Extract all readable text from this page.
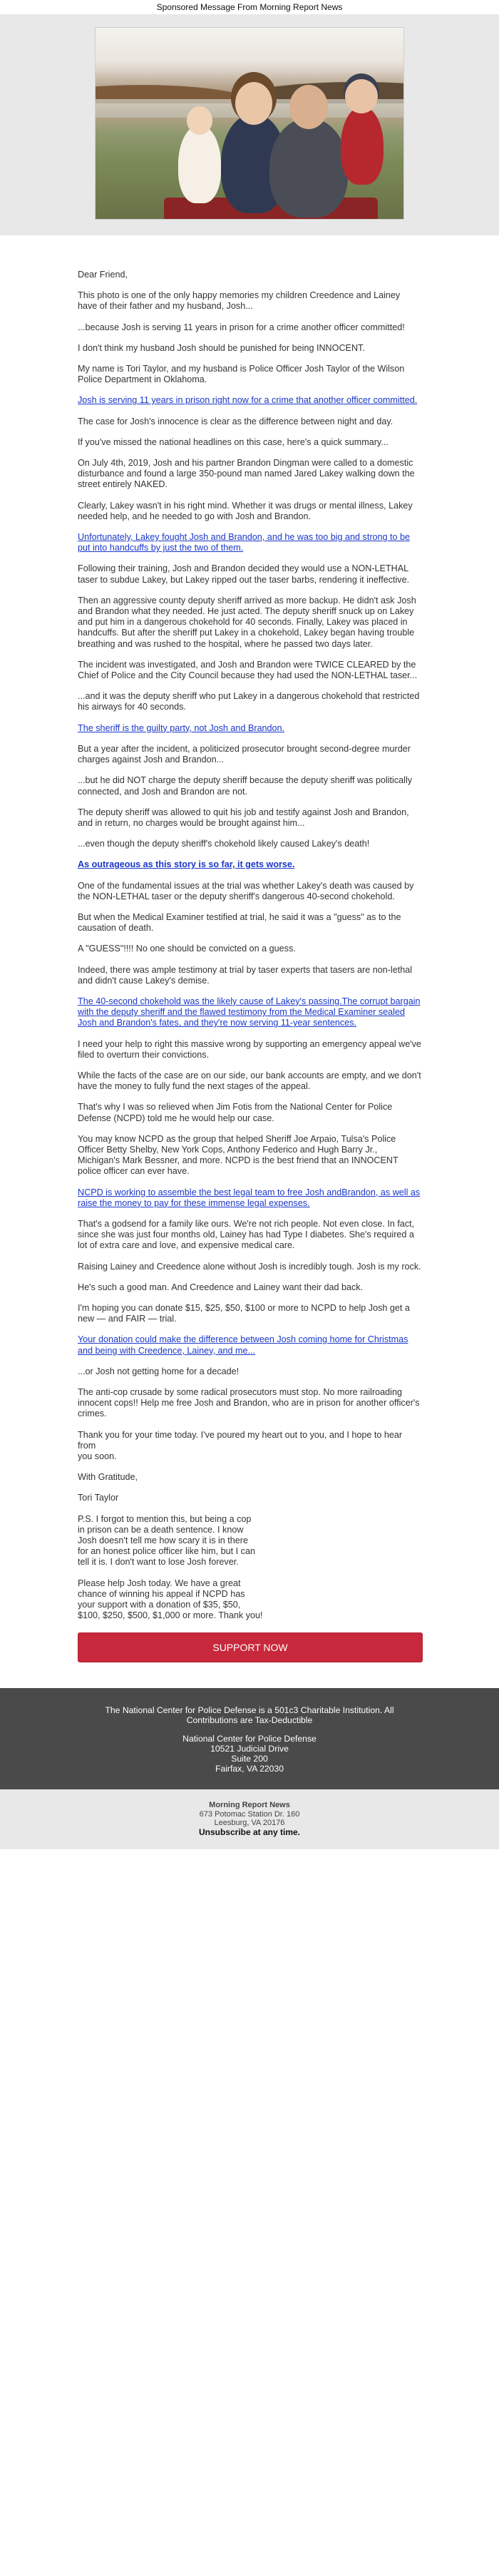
Sponsored Message From Morning Report News

Dear Friend,

This photo is one of the only happy memories my children Creedence and Lainey have of their father and my husband, Josh...

...because Josh is serving 11 years in prison for a crime another officer committed!

I don't think my husband Josh should be punished for being INNOCENT.

My name is Tori Taylor, and my husband is Police Officer Josh Taylor of the Wilson Police Department in Oklahoma.

Josh is serving 11 years in prison right now for a crime that another officer committed.

The case for Josh's innocence is clear as the difference between night and day.

If you've missed the national headlines on this case, here's a quick summary...

On July 4th, 2019, Josh and his partner Brandon Dingman were called to a domestic disturbance and found a large 350-pound man named Jared Lakey walking down the street entirely NAKED.

Clearly, Lakey wasn't in his right mind. Whether it was drugs or mental illness, Lakey needed help, and he needed to go with Josh and Brandon.

Unfortunately, Lakey fought Josh and Brandon, and he was too big and strong to be put into handcuffs by just the two of them.

Following their training, Josh and Brandon decided they would use a NON-LETHAL taser to subdue Lakey, but Lakey ripped out the taser barbs, rendering it ineffective.

Then an aggressive county deputy sheriff arrived as more backup. He didn't ask Josh and Brandon what they needed. He just acted. The deputy sheriff snuck up on Lakey and put him in a dangerous chokehold for 40 seconds. Finally, Lakey was placed in handcuffs. But after the sheriff put Lakey in a chokehold, Lakey began having trouble breathing and was rushed to the hospital, where he passed two days later.

The incident was investigated, and Josh and Brandon were TWICE CLEARED by the Chief of Police and the City Council because they had used the NON-LETHAL taser...

...and it was the deputy sheriff who put Lakey in a dangerous chokehold that restricted his airways for 40 seconds.

The sheriff is the guilty party, not Josh and Brandon.

But a year after the incident, a politicized prosecutor brought second-degree murder charges against Josh and Brandon...

...but he did NOT charge the deputy sheriff because the deputy sheriff was politically connected, and Josh and Brandon are not.

The deputy sheriff was allowed to quit his job and testify against Josh and Brandon, and in return, no charges would be brought against him...

...even though the deputy sheriff's chokehold likely caused Lakey's death!

As outrageous as this story is so far, it gets worse.

One of the fundamental issues at the trial was whether Lakey's death was caused by the NON-LETHAL taser or the deputy sheriff's dangerous 40-second chokehold.

But when the Medical Examiner testified at trial, he said it was a "guess" as to the causation of death.

A "GUESS"!!!! No one should be convicted on a guess.

Indeed, there was ample testimony at trial by taser experts that tasers are non-lethal and didn't cause Lakey's demise.

The 40-second chokehold was the likely cause of Lakey's passing.The corrupt bargain with the deputy sheriff and the flawed testimony from the Medical Examiner sealed Josh and Brandon's fates, and they're now serving 11-year sentences.

I need your help to right this massive wrong by supporting an emergency appeal we've filed to overturn their convictions.

While the facts of the case are on our side, our bank accounts are empty, and we don't have the money to fully fund the next stages of the appeal.

That's why I was so relieved when Jim Fotis from the National Center for Police Defense (NCPD) told me he would help our case.

You may know NCPD as the group that helped Sheriff Joe Arpaio, Tulsa's Police Officer Betty Shelby, New York Cops, Anthony Federico and Hugh Barry Jr., Michigan's Mark Bessner, and more. NCPD is the best friend that an INNOCENT police officer can ever have.

NCPD is working to assemble the best legal team to free Josh andBrandon, as well as raise the money to pay for these immense legal expenses.

That's a godsend for a family like ours. We're not rich people. Not even close. In fact, since she was just four months old, Lainey has had Type I diabetes. She's required a lot of extra care and love, and expensive medical care.

Raising Lainey and Creedence alone without Josh is incredibly tough. Josh is my rock.

He's such a good man. And Creedence and Lainey want their dad back.

I'm hoping you can donate $15, $25, $50, $100 or more to NCPD to help Josh get a new — and FAIR — trial.

Your donation could make the difference between Josh coming home for Christmas and being with Creedence, Lainey, and me...

...or Josh not getting home for a decade!

The anti-cop crusade by some radical prosecutors must stop. No more railroading innocent cops!! Help me free Josh and Brandon, who are in prison for another officer's crimes.

Thank you for your time today. I've poured my heart out to you, and I hope to hear from
you soon.

With Gratitude,

Tori Taylor

P.S. I forgot to mention this, but being a cop
in prison can be a death sentence. I know
Josh doesn't tell me how scary it is in there
for an honest police officer like him, but I can
tell it is. I don't want to lose Josh forever.

Please help Josh today. We have a great
chance of winning his appeal if NCPD has
your support with a donation of $35, $50,
$100, $250, $500, $1,000 or more. Thank you!

SUPPORT NOW
The National Center for Police Defense is a 501c3 Charitable Institution. All Contributions are Tax-Deductible
National Center for Police Defense
10521 Judicial Drive
Suite 200
Fairfax, VA 22030
Morning Report News
673 Potomac Station Dr. 160
Leesburg, VA 20176
Unsubscribe at any time.
